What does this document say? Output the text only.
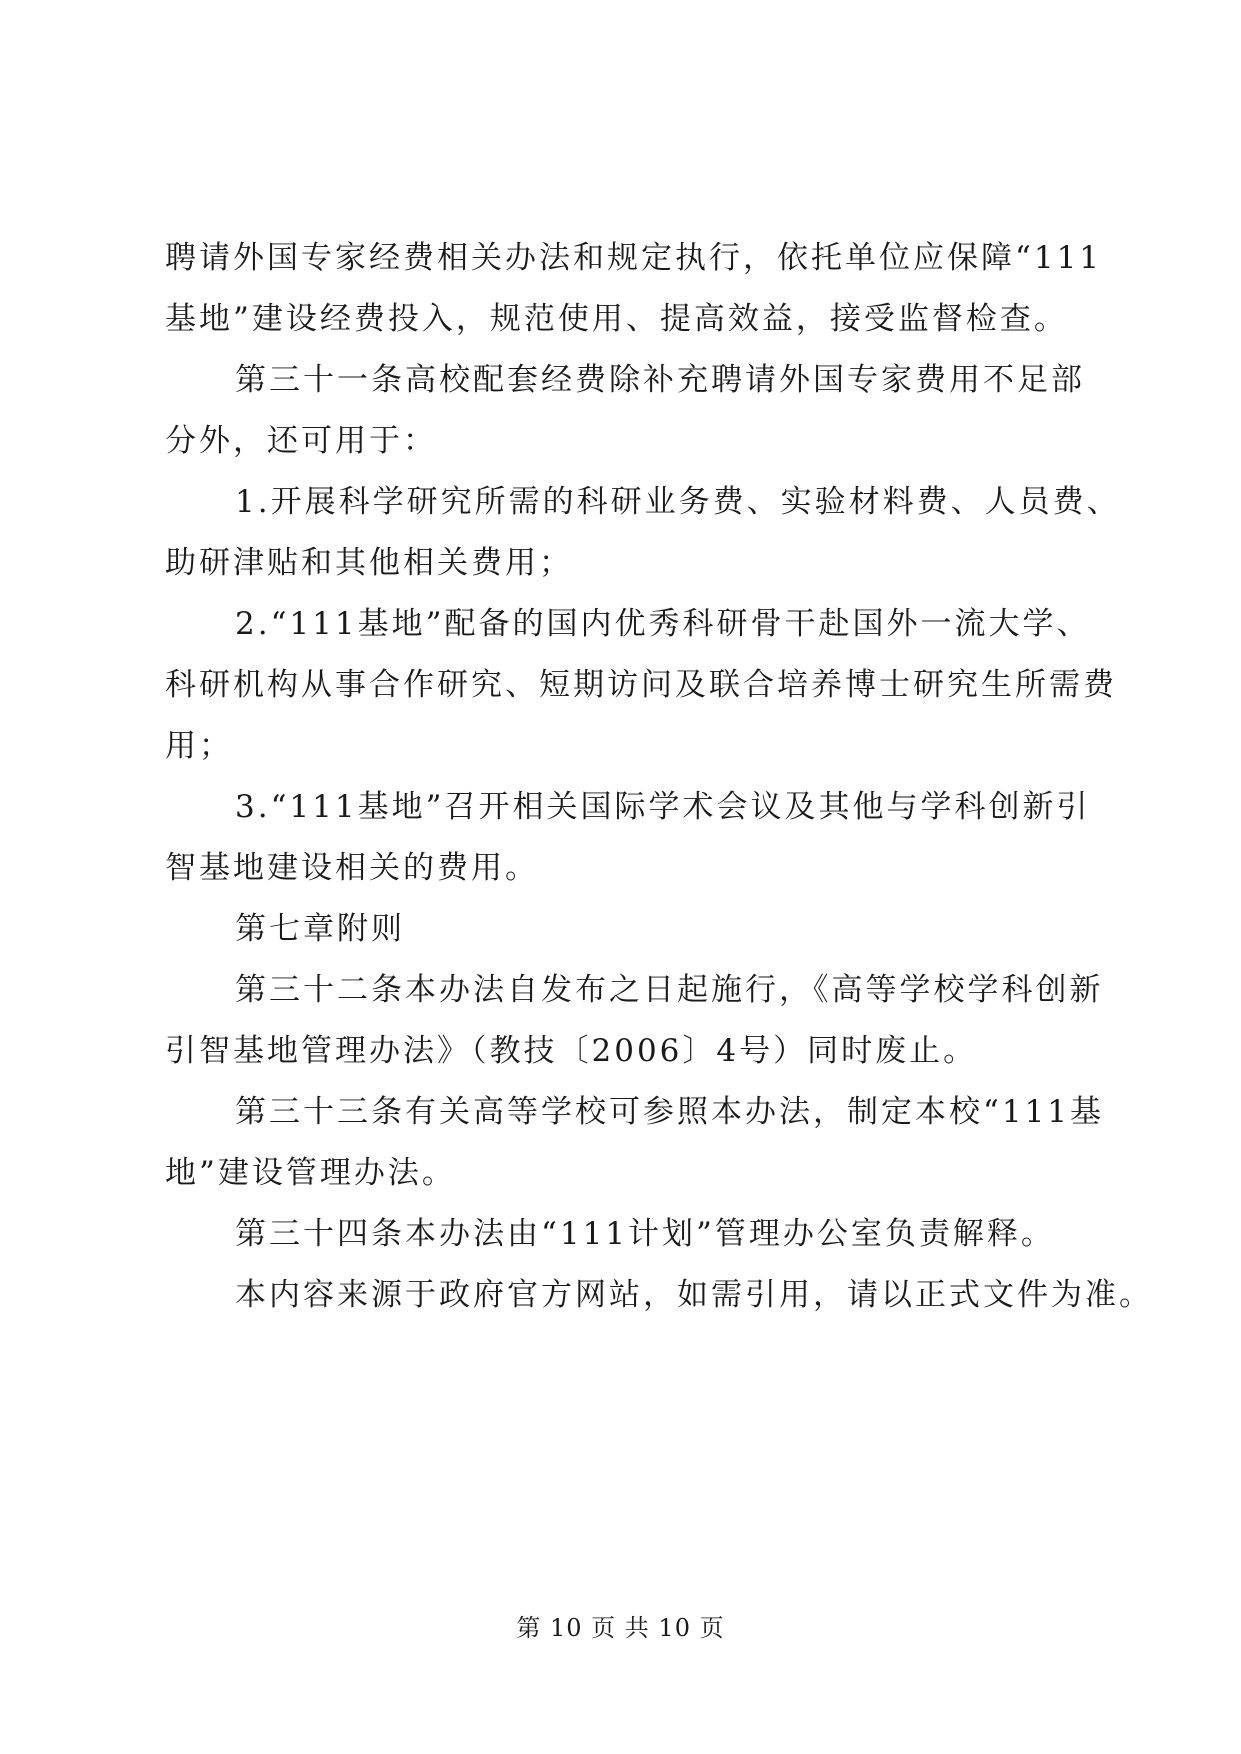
聘请外国专家经费相关办法和规定执行，依托单位应保障“111
基地”建设经费投入，规范使用、提高效益，接受监督检查。
第三十一条高校配套经费除补充聘请外国专家费用不足部
分外，还可用于：
1.开展科学研究所需的科研业务费、实验材料费、人员费、
助研津贴和其他相关费用；
2.“111基地”配备的国内优秀科研骨干赴国外一流大学、
科研机构从事合作研究、短期访问及联合培养博士研究生所需费
用；
3.“111基地”召开相关国际学术会议及其他与学科创新引
智基地建设相关的费用。
第七章附则
第三十二条本办法自发布之日起施行，《高等学校学科创新
引智基地管理办法》（教技〔2006〕4号）同时废止。
第三十三条有关高等学校可参照本办法，制定本校“111基
地”建设管理办法。
第三十四条本办法由“111计划”管理办公室负责解释。
本内容来源于政府官方网站，如需引用，请以正式文件为准。
第 10 页 共 10 页
